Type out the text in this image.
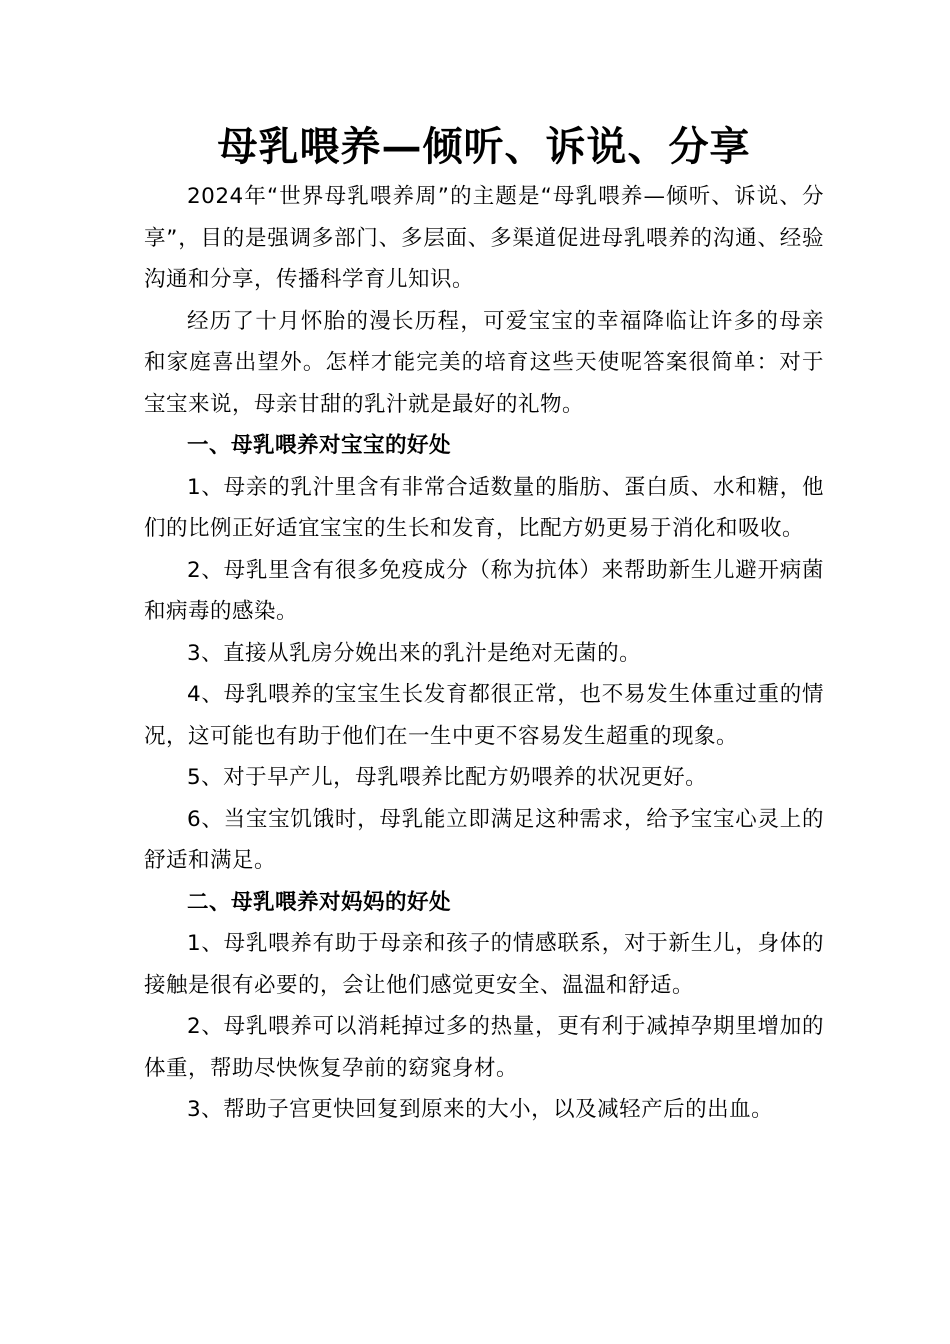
母乳喂养—倾听、诉说、分享

2024年“世界母乳喂养周”的主题是“母乳喂养—倾听、诉说、分享”，目的是强调多部门、多层面、多渠道促进母乳喂养的沟通、经验沟通和分享，传播科学育儿知识。

经历了十月怀胎的漫长历程，可爱宝宝的幸福降临让许多的母亲和家庭喜出望外。怎样才能完美的培育这些天使呢答案很简单：对于宝宝来说，母亲甘甜的乳汁就是最好的礼物。

一、母乳喂养对宝宝的好处

1、母亲的乳汁里含有非常合适数量的脂肪、蛋白质、水和糖，他们的比例正好适宜宝宝的生长和发育，比配方奶更易于消化和吸收。

2、母乳里含有很多免疫成分（称为抗体）来帮助新生儿避开病菌和病毒的感染。

3、直接从乳房分娩出来的乳汁是绝对无菌的。

4、母乳喂养的宝宝生长发育都很正常，也不易发生体重过重的情况，这可能也有助于他们在一生中更不容易发生超重的现象。

5、对于早产儿，母乳喂养比配方奶喂养的状况更好。

6、当宝宝饥饿时，母乳能立即满足这种需求，给予宝宝心灵上的舒适和满足。

二、母乳喂养对妈妈的好处

1、母乳喂养有助于母亲和孩子的情感联系，对于新生儿，身体的接触是很有必要的，会让他们感觉更安全、温温和舒适。

2、母乳喂养可以消耗掉过多的热量，更有利于减掉孕期里增加的体重，帮助尽快恢复孕前的窈窕身材。

3、帮助子宫更快回复到原来的大小，以及减轻产后的出血。
